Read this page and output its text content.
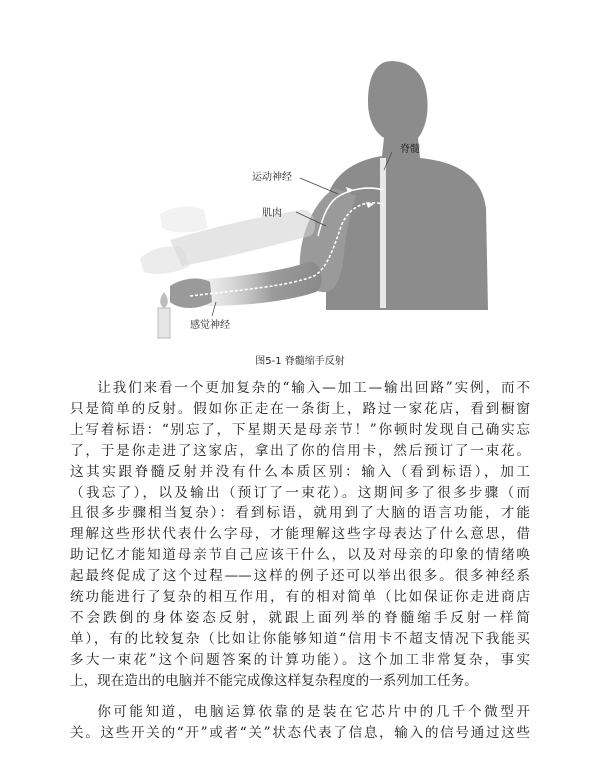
脊髓
运动神经
肌肉
感觉神经
图5-1 脊髓缩手反射
让我们来看一个更加复杂的“输入—加工—输出回路”实例，而不
只是简单的反射。假如你正走在一条街上，路过一家花店，看到橱窗
上写着标语：“别忘了，下星期天是母亲节！”你顿时发现自己确实忘
了，于是你走进了这家店，拿出了你的信用卡，然后预订了一束花。
这其实跟脊髓反射并没有什么本质区别：输入（看到标语），加工
（我忘了），以及输出（预订了一束花）。这期间多了很多步骤（而
且很多步骤相当复杂）：看到标语，就用到了大脑的语言功能，才能
理解这些形状代表什么字母，才能理解这些字母表达了什么意思，借
助记忆才能知道母亲节自己应该干什么，以及对母亲的印象的情绪唤
起最终促成了这个过程——这样的例子还可以举出很多。很多神经系
统功能进行了复杂的相互作用，有的相对简单（比如保证你走进商店
不会跌倒的身体姿态反射，就跟上面列举的脊髓缩手反射一样简
单），有的比较复杂（比如让你能够知道“信用卡不超支情况下我能买
多大一束花”这个问题答案的计算功能）。这个加工非常复杂，事实
上，现在造出的电脑并不能完成像这样复杂程度的一系列加工任务。
你可能知道，电脑运算依靠的是装在它芯片中的几千个微型开
关。这些开关的“开”或者“关”状态代表了信息，输入的信号通过这些
